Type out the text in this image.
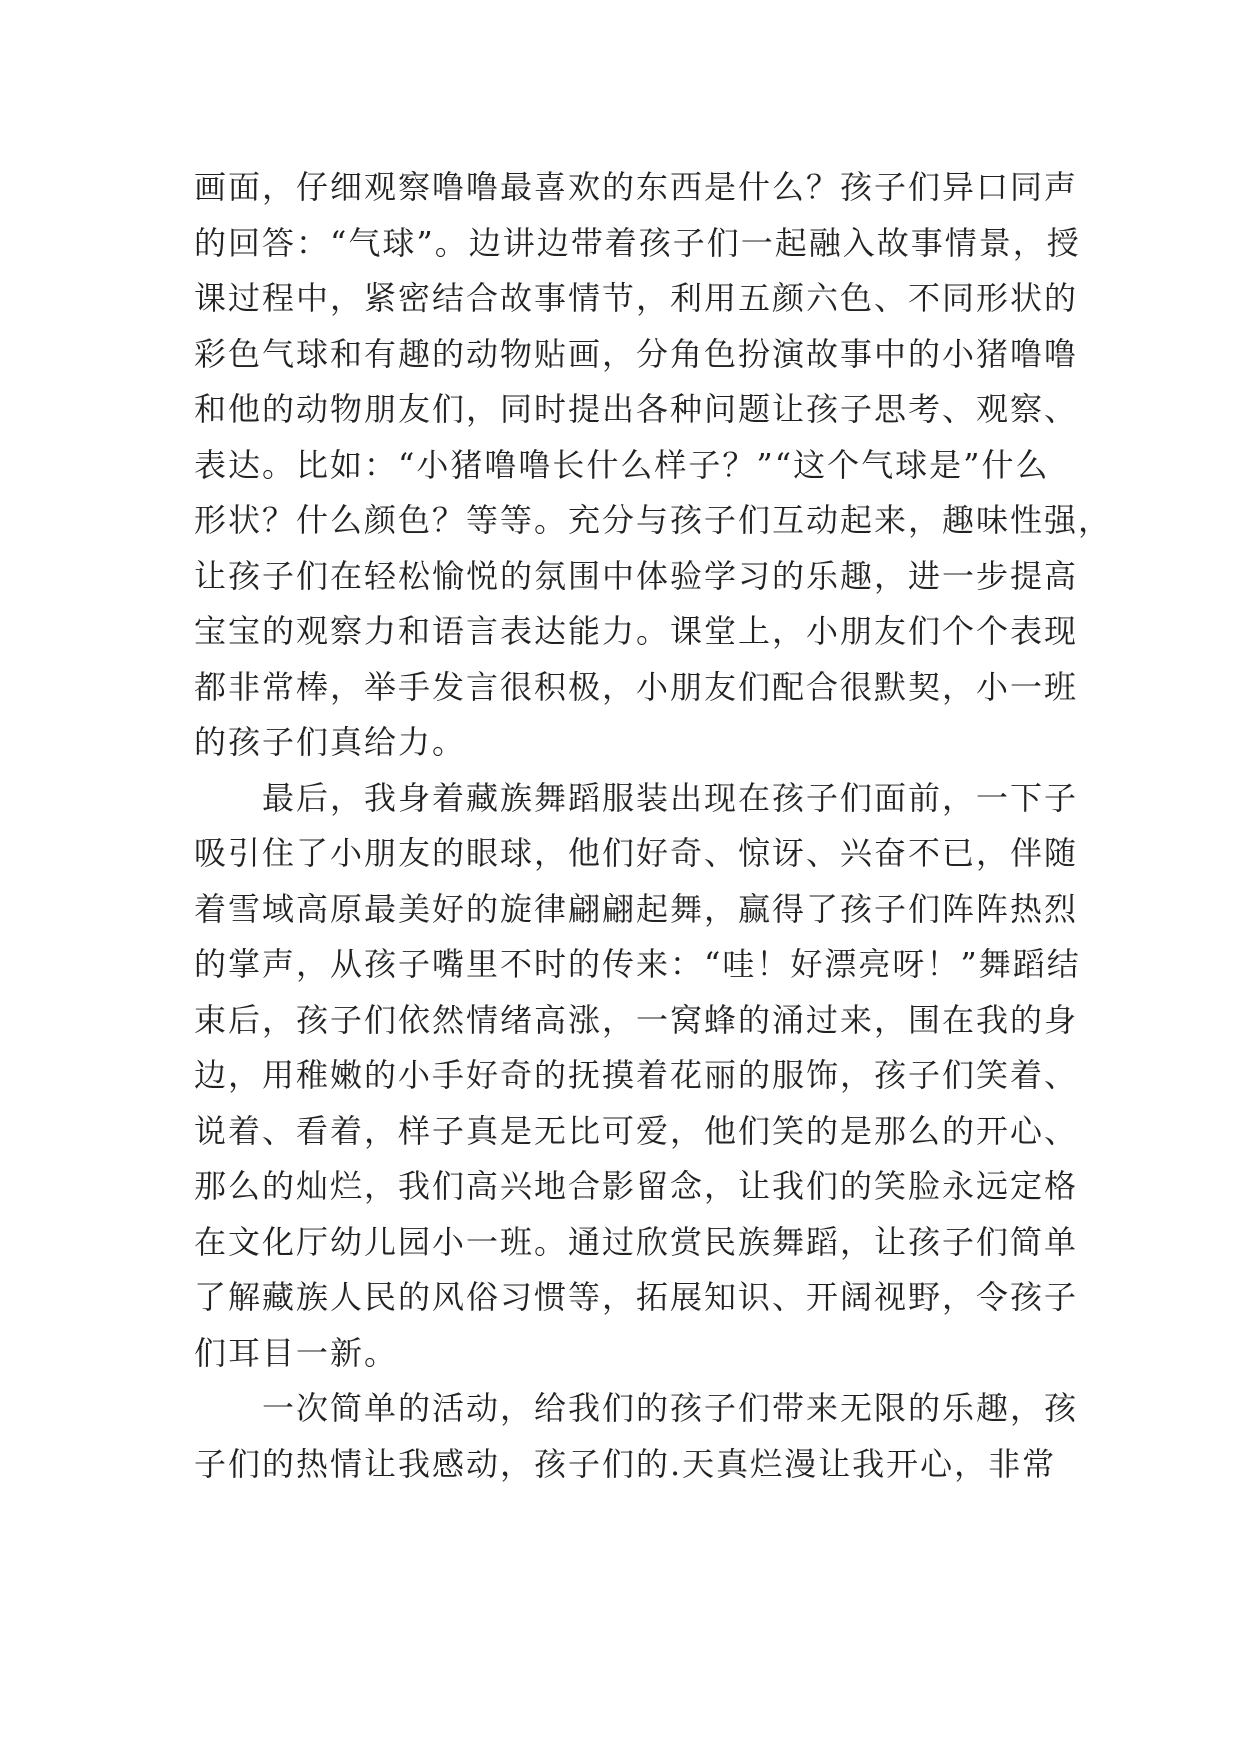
画面，仔细观察噜噜最喜欢的东西是什么？孩子们异口同声
的回答：“气球”。边讲边带着孩子们一起融入故事情景，授
课过程中，紧密结合故事情节，利用五颜六色、不同形状的
彩色气球和有趣的动物贴画，分角色扮演故事中的小猪噜噜
和他的动物朋友们，同时提出各种问题让孩子思考、观察、
表达。比如：“小猪噜噜长什么样子？”“这个气球是”什么
形状？什么颜色？等等。充分与孩子们互动起来，趣味性强，
让孩子们在轻松愉悦的氛围中体验学习的乐趣，进一步提高
宝宝的观察力和语言表达能力。课堂上，小朋友们个个表现
都非常棒，举手发言很积极，小朋友们配合很默契，小一班
的孩子们真给力。
最后，我身着藏族舞蹈服装出现在孩子们面前，一下子
吸引住了小朋友的眼球，他们好奇、惊讶、兴奋不已，伴随
着雪域高原最美好的旋律翩翩起舞，赢得了孩子们阵阵热烈
的掌声，从孩子嘴里不时的传来：“哇！好漂亮呀！”舞蹈结
束后，孩子们依然情绪高涨，一窝蜂的涌过来，围在我的身
边，用稚嫩的小手好奇的抚摸着花丽的服饰，孩子们笑着、
说着、看着，样子真是无比可爱，他们笑的是那么的开心、
那么的灿烂，我们高兴地合影留念，让我们的笑脸永远定格
在文化厅幼儿园小一班。通过欣赏民族舞蹈，让孩子们简单
了解藏族人民的风俗习惯等，拓展知识、开阔视野，令孩子
们耳目一新。
一次简单的活动，给我们的孩子们带来无限的乐趣，孩
子们的热情让我感动，孩子们的.天真烂漫让我开心，非常
